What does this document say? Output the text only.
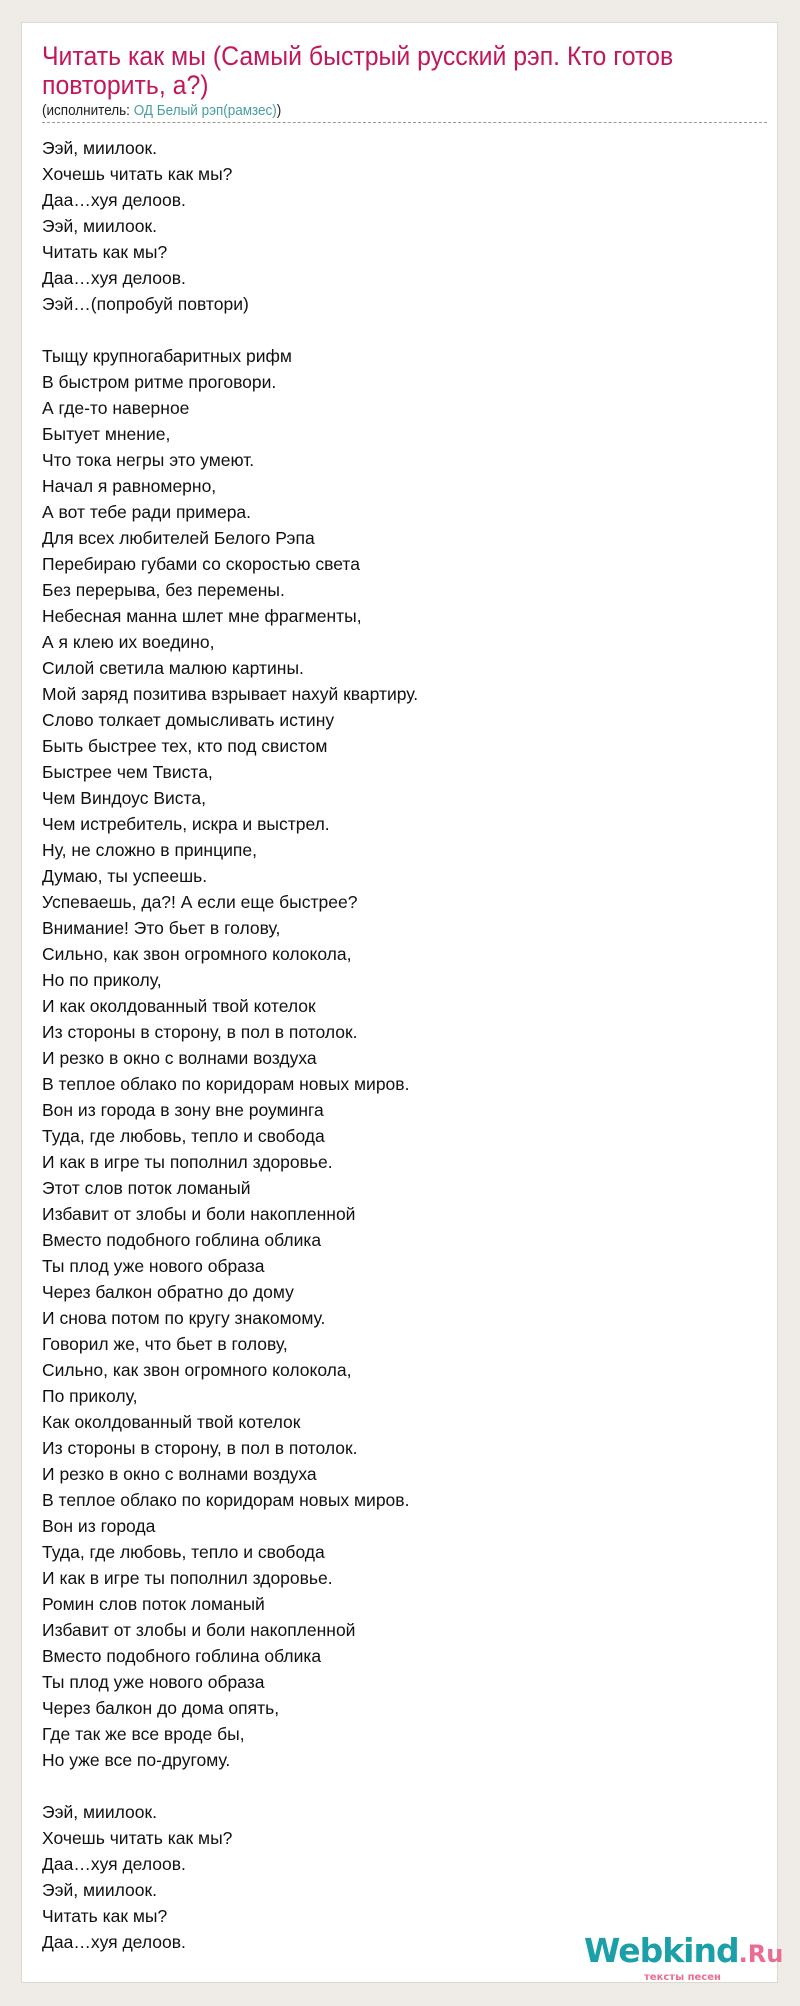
Читать как мы (Самый быстрый русский рэп. Кто готов повторить, а?)
(исполнитель: ОД Белый рэп(рамзес))
Ээй, миилоок.
Хочешь читать как мы?
Даа…хуя делоов.
Ээй, миилоок.
Читать как мы?
Даа…хуя делоов.
Ээй…(попробуй повтори)
Тыщу крупногабаритных рифм
В быстром ритме проговори.
А где-то наверное
Бытует мнение,
Что тока негры это умеют.
Начал я равномерно,
А вот тебе ради примера.
Для всех любителей Белого Рэпа
Перебираю губами со скоростью света
Без перерыва, без перемены.
Небесная манна шлет мне фрагменты,
А я клею их воедино,
Силой светила малюю картины.
Мой заряд позитива взрывает нахуй квартиру.
Слово толкает домысливать истину
Быть быстрее тех, кто под свистом
Быстрее чем Твиста,
Чем Виндоус Виста,
Чем истребитель, искра и выстрел.
Ну, не сложно в принципе,
Думаю, ты успеешь.
Успеваешь, да?! А если еще быстрее?
Внимание! Это бьет в голову,
Сильно, как звон огромного колокола,
Но по приколу,
И как околдованный твой котелок
Из стороны в сторону, в пол в потолок.
И резко в окно с волнами воздуха
В теплое облако по коридорам новых миров.
Вон из города в зону вне роуминга
Туда, где любовь, тепло и свобода
И как в игре ты пополнил здоровье.
Этот слов поток ломаный
Избавит от злобы и боли накопленной
Вместо подобного гоблина облика
Ты плод уже нового образа
Через балкон обратно до дому
И снова потом по кругу знакомому.
Говорил же, что бьет в голову,
Сильно, как звон огромного колокола,
По приколу,
Как околдованный твой котелок
Из стороны в сторону, в пол в потолок.
И резко в окно с волнами воздуха
В теплое облако по коридорам новых миров.
Вон из города
Туда, где любовь, тепло и свобода
И как в игре ты пополнил здоровье.
Ромин слов поток ломаный
Избавит от злобы и боли накопленной
Вместо подобного гоблина облика
Ты плод уже нового образа
Через балкон до дома опять,
Где так же все вроде бы,
Но уже все по-другому.
Ээй, миилоок.
Хочешь читать как мы?
Даа…хуя делоов.
Ээй, миилоок.
Читать как мы?
Даа…хуя делоов.	Webkind.Ru
тексты песен
